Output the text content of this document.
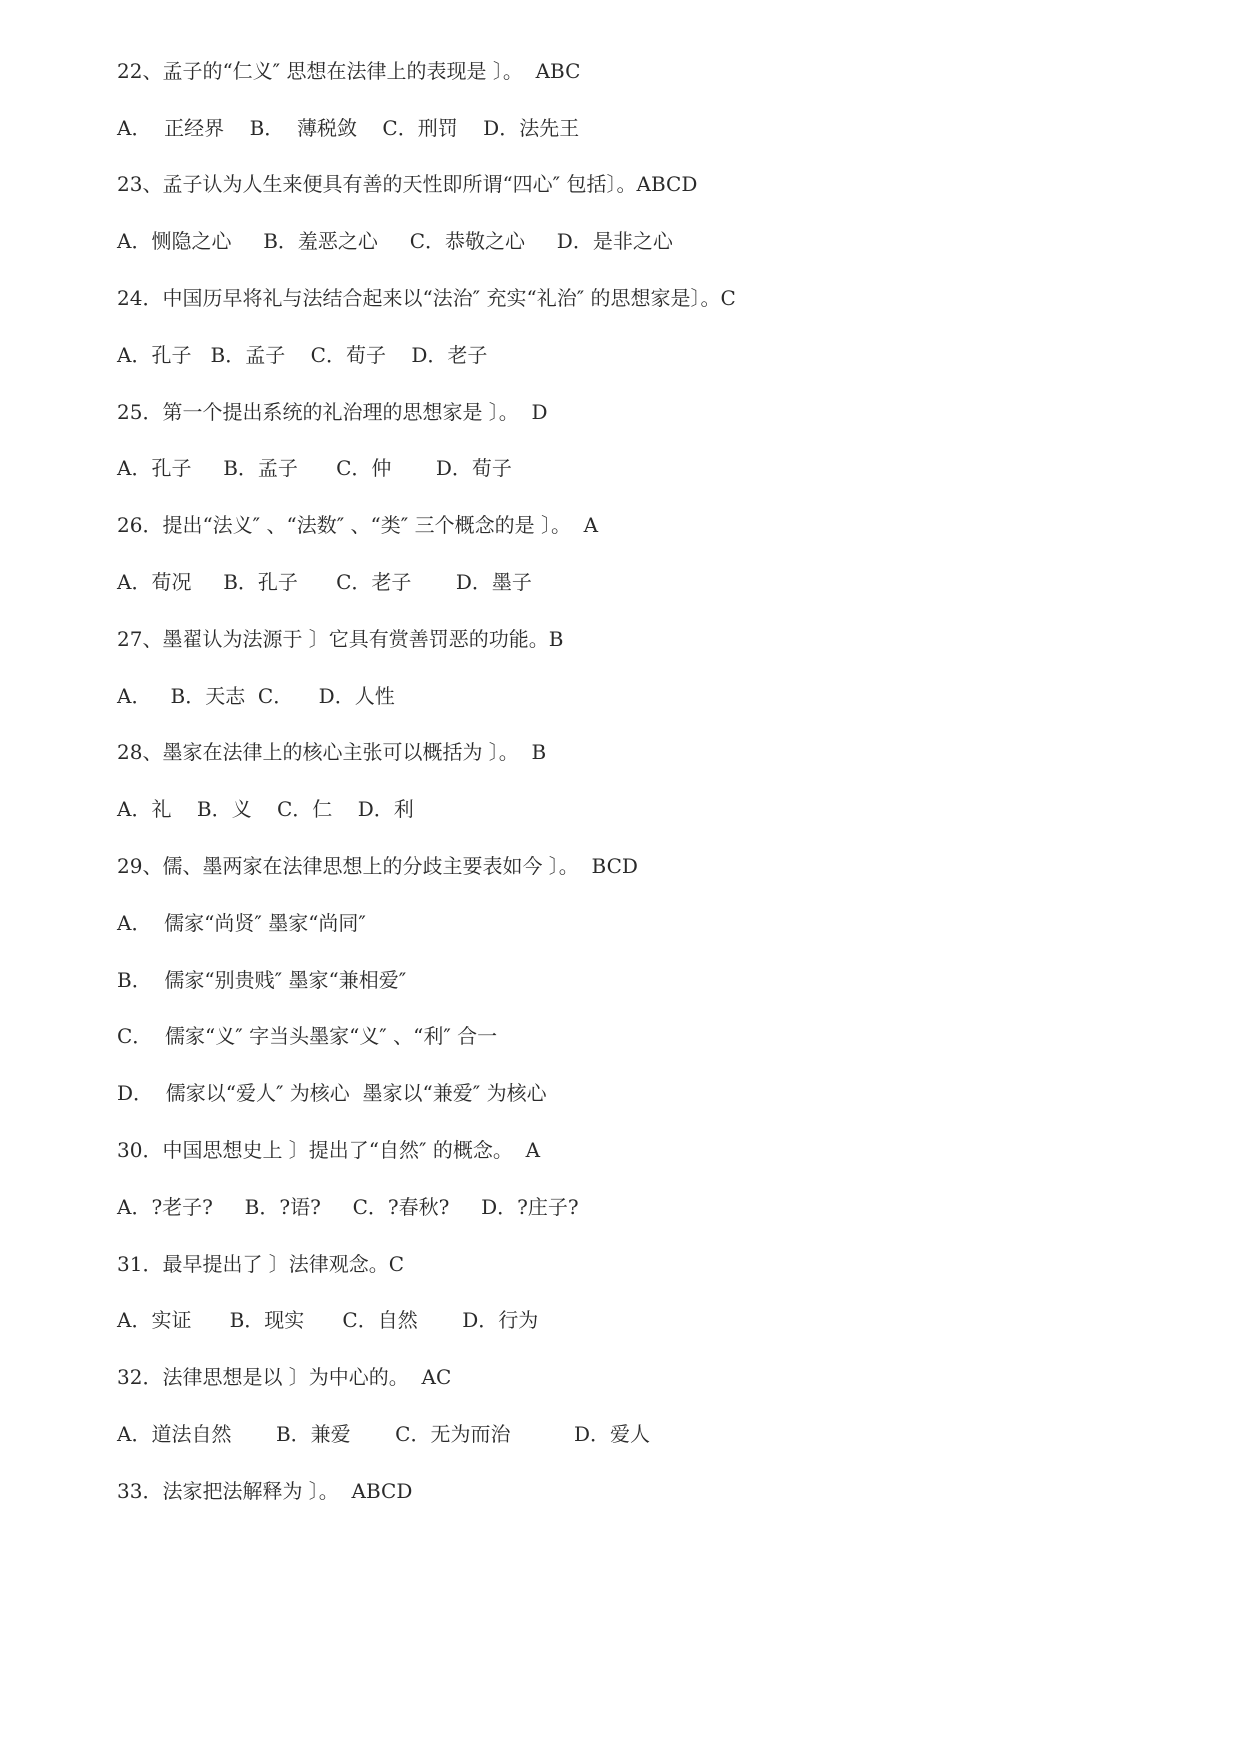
22、孟子的“仁义″ 思想在法律上的表现是 〕。  ABC
A．  正经界    B．  薄税敛    C．刑罚    D．法先王
23、孟子认为人生来便具有善的天性即所谓“四心″ 包括〕。ABCD
A．恻隐之心     B．羞恶之心     C．恭敬之心     D．是非之心
24．中国历早将礼与法结合起来以“法治″ 充实“礼治″ 的思想家是〕。C
A．孔子   B．孟子    C．荀子    D．老子
25．第一个提出系统的礼治理的思想家是 〕。  D
A．孔子     B．孟子      C．仲       D．荀子
26．提出“法义″ 、“法数″ 、“类″ 三个概念的是 〕。  A
A．荀况     B．孔子      C．老子       D．墨子
27、墨翟认为法源于 〕它具有赏善罚恶的功能。B
A．   B．天志  C．    D．人性
28、墨家在法律上的核心主张可以概括为 〕。  B
A．礼    B．义    C．仁    D．利
29、儒、墨两家在法律思想上的分歧主要表如今 〕。  BCD
A．  儒家“尚贤″ 墨家“尚同″
B．  儒家“别贵贱″ 墨家“兼相爱″
C．  儒家“义″ 字当头墨家“义″ 、“利″ 合一
D．  儒家以“爱人″ 为核心  墨家以“兼爱″ 为核心
30．中国思想史上 〕提出了“自然″ 的概念。  A
A．?老子?     B．?语?     C．?春秋?     D．?庄子?
31．最早提出了 〕法律观念。C
A．实证      B．现实      C．自然       D．行为
32．法律思想是以 〕为中心的。  AC
A．道法自然       B．兼爱       C．无为而治          D．爱人
33．法家把法解释为 〕。  ABCD
